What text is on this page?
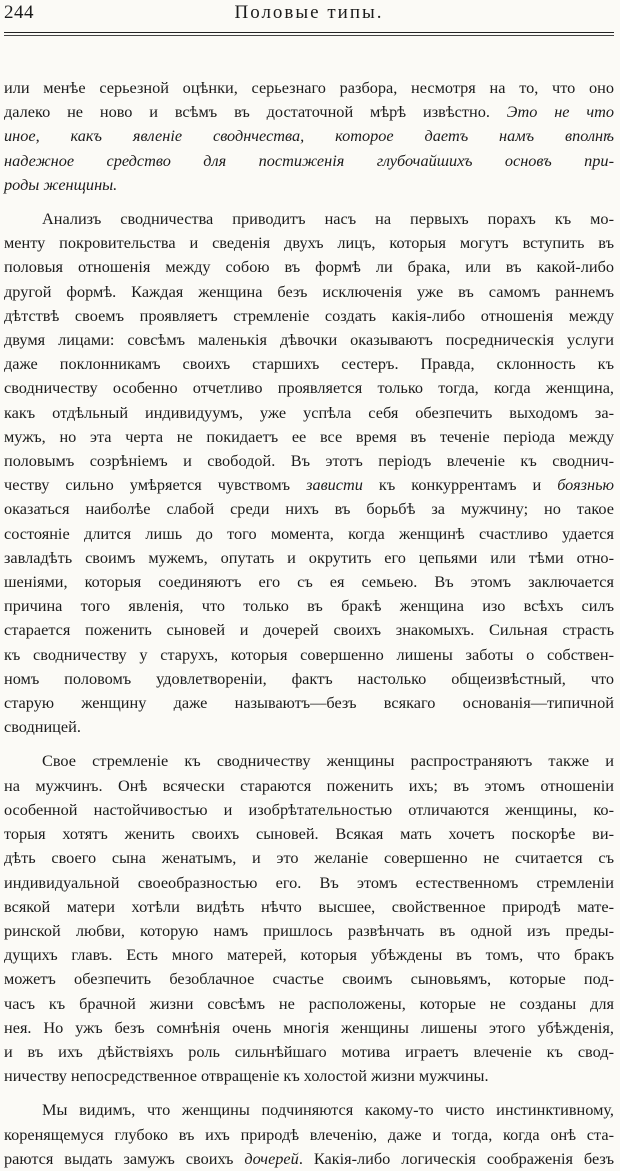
244	Половые типы.

или менѣе серьезной оцѣнки, серьезнаго разбора, несмотря на то, что оно
далеко не ново и всѣмъ въ достаточной мѣрѣ извѣстно. Это не что
иное, какъ явленіе своднчества, которое даетъ намъ вполнѣ
надежное средство для постиженія глубочайшихъ основъ при-
роды женщины.

Анализъ сводничества приводитъ насъ на первыхъ порахъ къ мо-
менту покровительства и сведенія двухъ лицъ, которыя могутъ вступить въ
половыя отношенія между собою въ формѣ ли брака, или въ какой-либо
другой формѣ. Каждая женщина безъ исключенія уже въ самомъ раннемъ
дѣтствѣ своемъ проявляетъ стремленіе создать какія-либо отношенія между
двумя лицами: совсѣмъ маленькія дѣвочки оказываютъ посредническія услуги
даже поклонникамъ своихъ старшихъ сестеръ. Правда, склонность къ
сводничеству особенно отчетливо проявляется только тогда, когда женщина,
какъ отдѣльный индивидуумъ, уже успѣла себя обезпечить выходомъ за-
мужъ, но эта черта не покидаетъ ее все время въ теченіе періода между
половымъ созрѣніемъ и свободой. Въ этотъ періодъ влеченіе къ своднич-
честву сильно умѣряется чувствомъ зависти къ конкуррентамъ и боязнью
оказаться наиболѣе слабой среди нихъ въ борьбѣ за мужчину; но такое
состояніе длится лишь до того момента, когда женщинѣ счастливо удается
завладѣть своимъ мужемъ, опутать и окрутить его цепьями или тѣми отно-
шеніями, которыя соединяютъ его съ ея семьею. Въ этомъ заключается
причина того явленія, что только въ бракѣ женщина изо всѣхъ силъ
старается поженить сыновей и дочерей своихъ знакомыхъ. Сильная страсть
къ сводничеству у старухъ, которыя совершенно лишены заботы о собствен-
номъ половомъ удовлетвореніи, фактъ настолько общеизвѣстный, что
старую женщину даже называютъ—безъ всякаго основанія—типичной
сводницей.

Свое стремленіе къ сводничеству женщины распространяютъ также и
на мужчинъ. Онѣ всячески стараются поженить ихъ; въ этомъ отношеніи
особенной настойчивостью и изобрѣтательностью отличаются женщины, ко-
торыя хотятъ женить своихъ сыновей. Всякая мать хочетъ поскорѣе ви-
дѣть своего сына женатымъ, и это желаніе совершенно не считается съ
индивидуальной своеобразностью его. Въ этомъ естественномъ стремленіи
всякой матери хотѣли видѣть нѣчто высшее, свойственное природѣ мате-
ринской любви, которую намъ пришлось развѣнчать въ одной изъ преды-
дущихъ главъ. Есть много матерей, которыя убѣждены въ томъ, что бракъ
можетъ обезпечить безоблачное счастье своимъ сыновьямъ, которые под-
часъ къ брачной жизни совсѣмъ не расположены, которые не созданы для
нея. Но ужъ безъ сомнѣнія очень многія женщины лишены этого убѣжденія,
и въ ихъ дѣйствіяхъ роль сильнѣйшаго мотива играетъ влеченіе къ свод-
ничеству непосредственное отвращеніе къ холостой жизни мужчины.

Мы видимъ, что женщины подчиняются какому-то чисто инстинктивному,
коренящемуся глубоко въ ихъ природѣ влеченію, даже и тогда, когда онѣ ста-
раются выдать замужъ своихъ дочерей. Какія-либо логическія соображенія безъ
